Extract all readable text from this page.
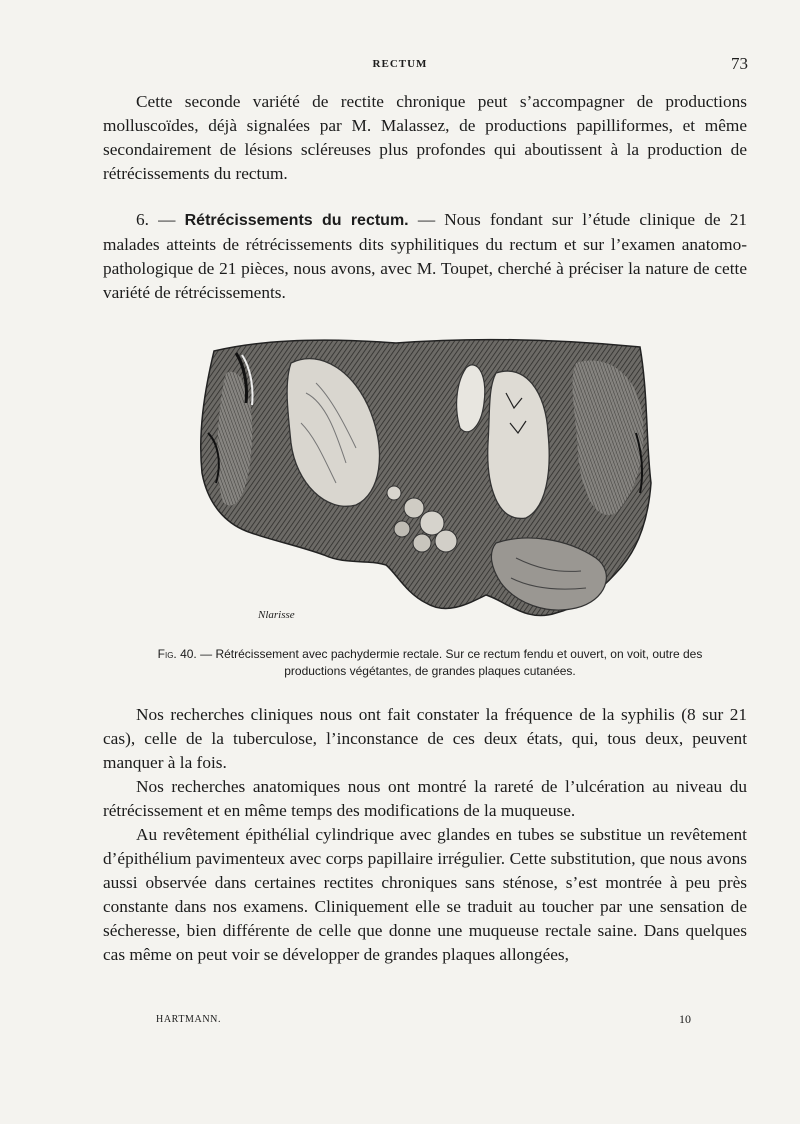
RECTUM	73

Cette seconde variété de rectite chronique peut s’accompagner de productions molluscoïdes, déjà signalées par M. Malassez, de productions papilliformes, et même secondairement de lésions scléreuses plus profondes qui aboutissent à la production de rétrécissements du rectum.

6. — Rétrécissements du rectum. — Nous fondant sur l’étude clinique de 21 malades atteints de rétrécissements dits syphilitiques du rectum et sur l’examen anatomo-pathologique de 21 pièces, nous avons, avec M. Toupet, cherché à préciser la nature de cette variété de rétrécissements.

Nlarisse
Fig. 40. — Rétrécissement avec pachydermie rectale. Sur ce rectum fendu et ouvert, on voit, outre des productions végétantes, de grandes plaques cutanées.

Nos recherches cliniques nous ont fait constater la fréquence de la syphilis (8 sur 21 cas), celle de la tuberculose, l’inconstance de ces deux états, qui, tous deux, peuvent manquer à la fois.

Nos recherches anatomiques nous ont montré la rareté de l’ulcération au niveau du rétrécissement et en même temps des modifications de la muqueuse.

Au revêtement épithélial cylindrique avec glandes en tubes se substitue un revêtement d’épithélium pavimenteux avec corps papillaire irrégulier. Cette substitution, que nous avons aussi observée dans certaines rectites chroniques sans sténose, s’est montrée à peu près constante dans nos examens. Cliniquement elle se traduit au toucher par une sensation de sécheresse, bien différente de celle que donne une muqueuse rectale saine. Dans quelques cas même on peut voir se développer de grandes plaques allongées,

HARTMANN.	10
